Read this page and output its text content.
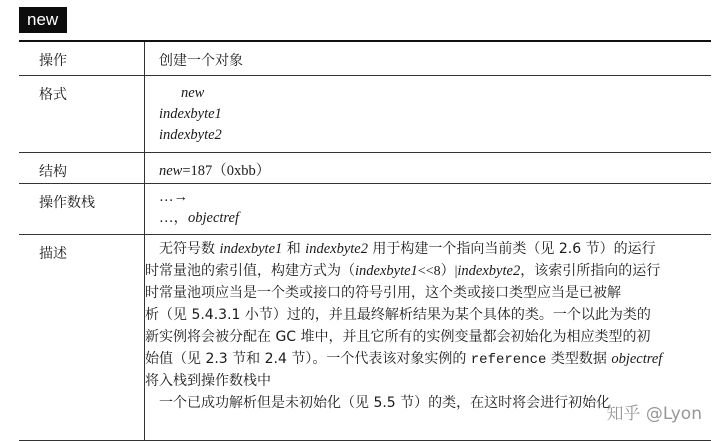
new
操作	创建一个对象
格式	new
indexbyte1
indexbyte2
结构	new=187（0xbb）
操作数栈	…→
…，objectref
描述	无符号数 indexbyte1 和 indexbyte2 用于构建一个指向当前类（见 2.6 节）的运行
时常量池的索引值，构建方式为（indexbyte1<<8）|indexbyte2，该索引所指向的运行
时常量池项应当是一个类或接口的符号引用，这个类或接口类型应当是已被解
析（见 5.4.3.1 小节）过的，并且最终解析结果为某个具体的类。一个以此为类的
新实例将会被分配在 GC 堆中，并且它所有的实例变量都会初始化为相应类型的初
始值（见 2.3 节和 2.4 节）。一个代表该对象实例的 reference 类型数据 objectref
将入栈到操作数栈中
一个已成功解析但是未初始化（见 5.5 节）的类，在这时将会进行初始化
知乎 @Lyon
